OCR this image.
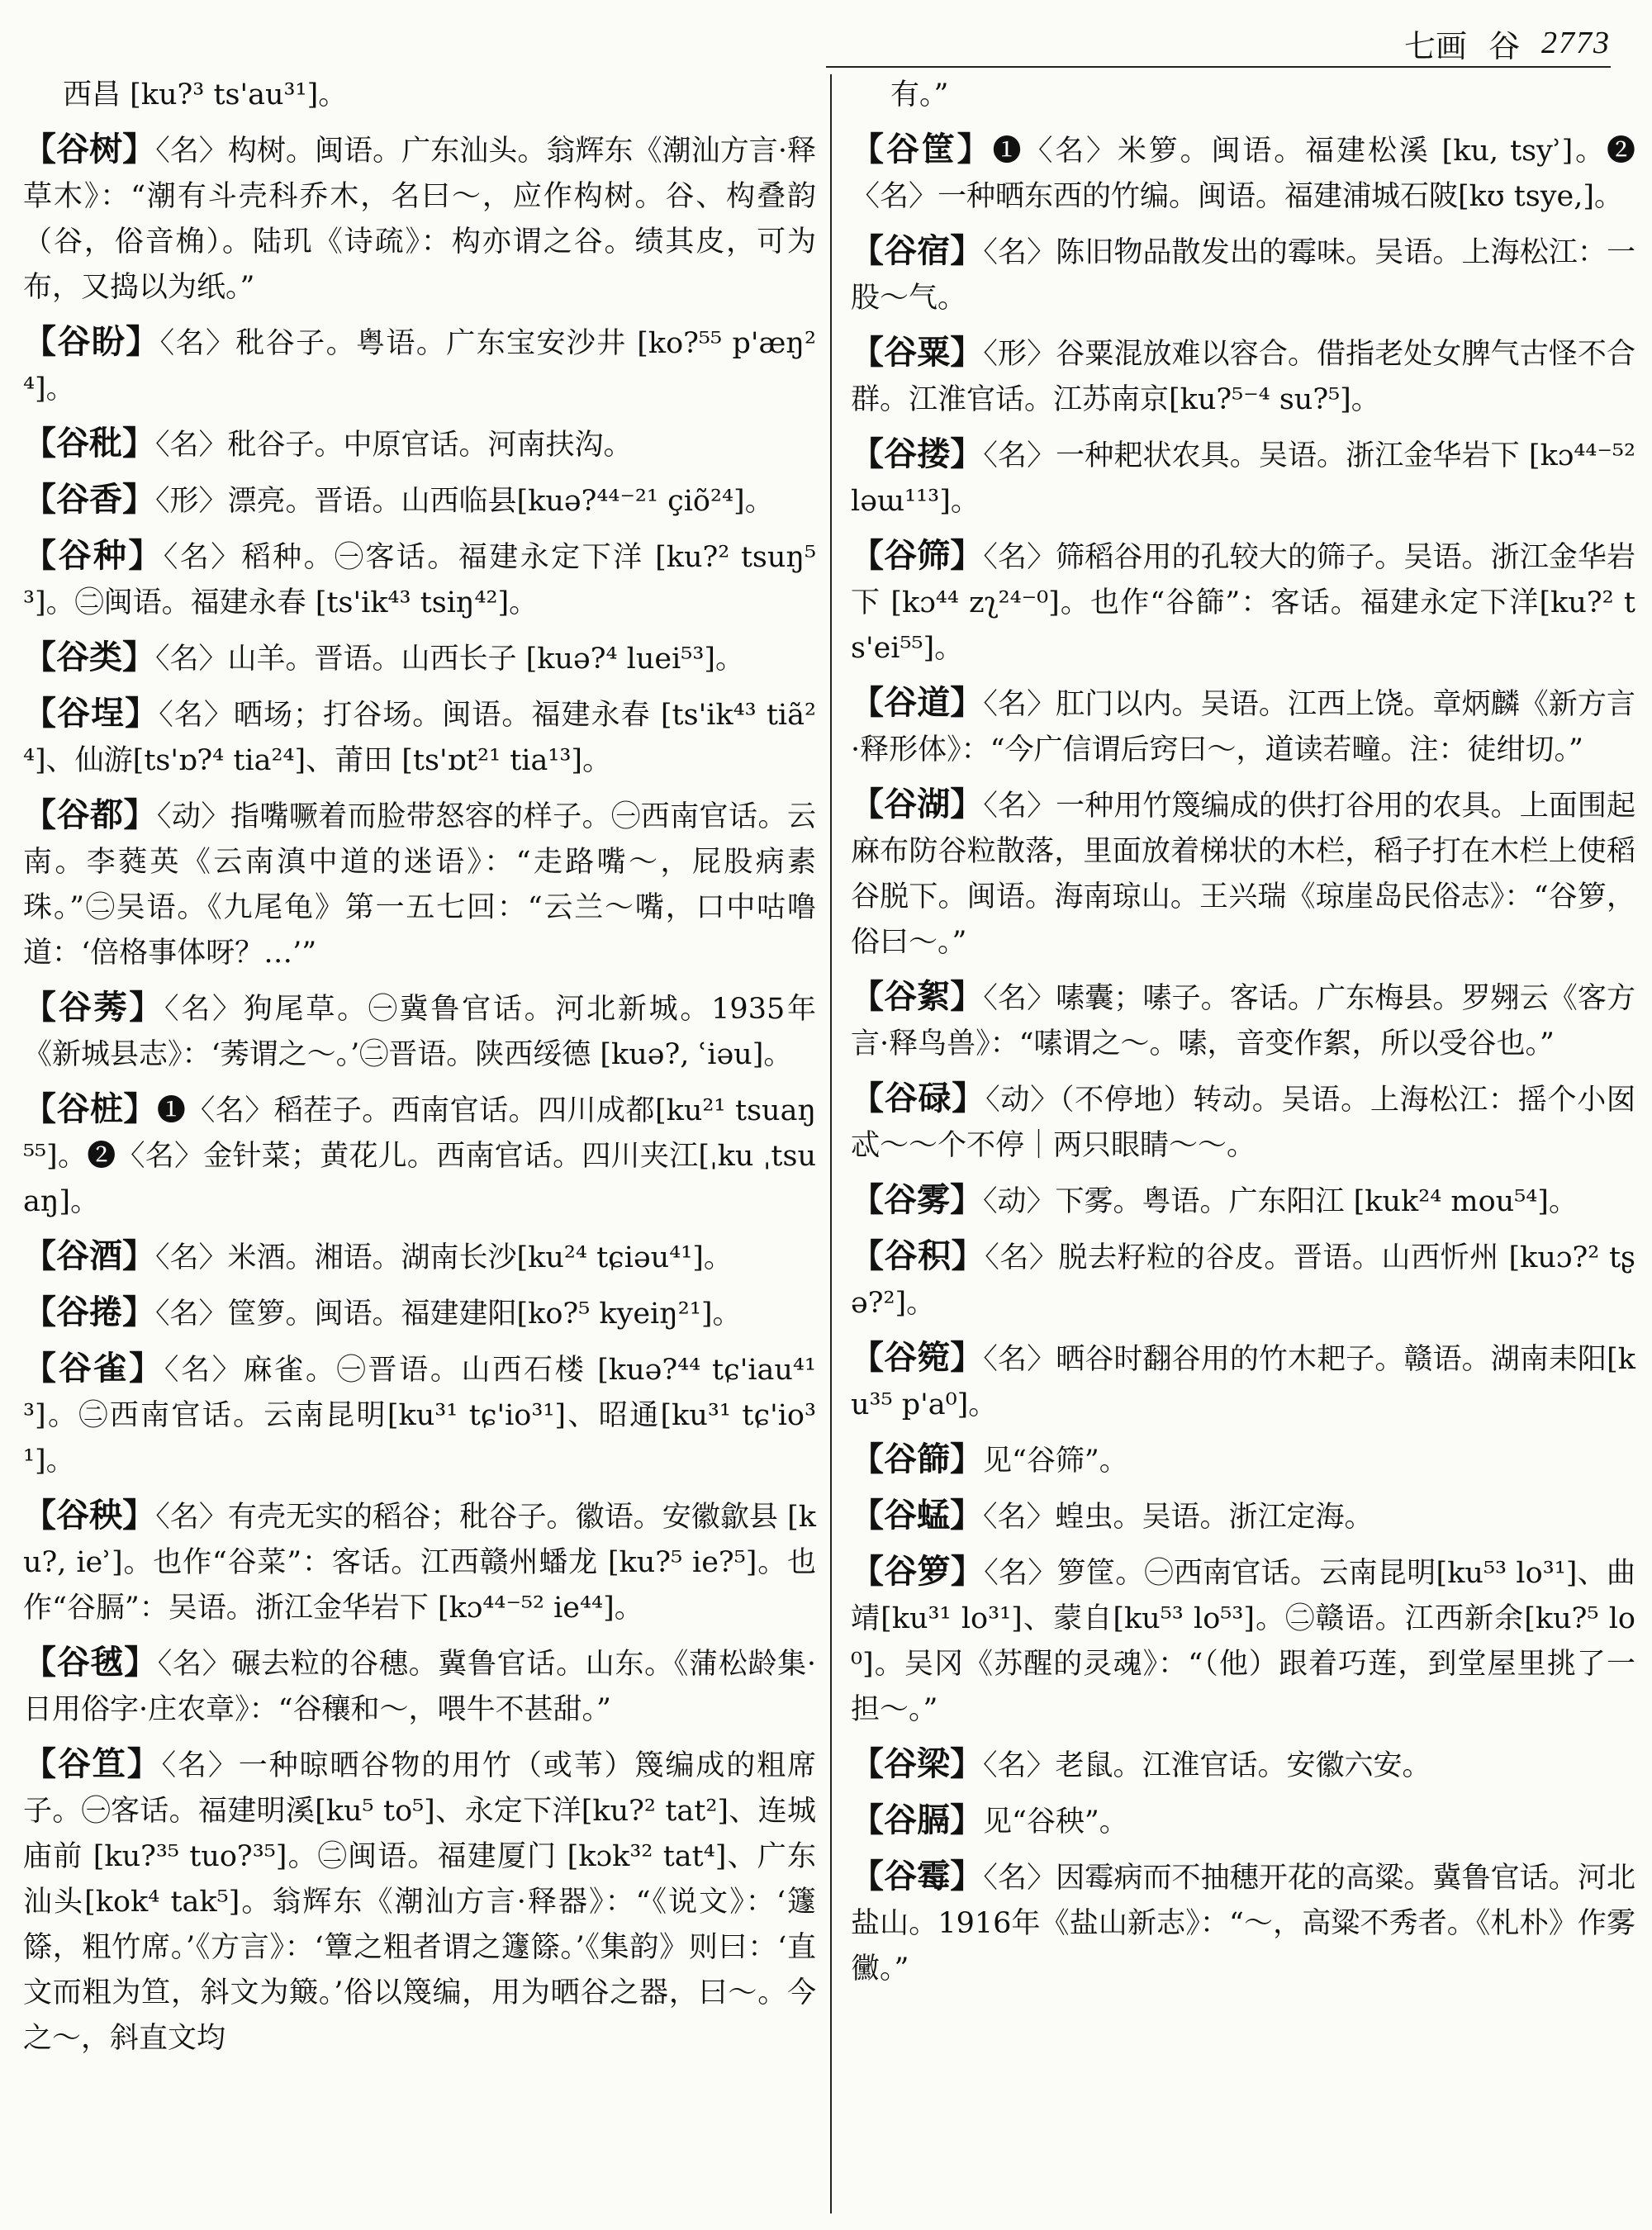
七画 谷 2773
西昌 [ku?³ ts'au³¹]。
【谷树】〈名〉构树。闽语。广东汕头。翁辉东《潮汕方言·释草木》：“潮有斗壳科乔木，名曰～，应作构树。谷、构叠韵（谷，俗音桷）。陆玑《诗疏》：构亦谓之谷。绩其皮，可为布，又捣以为纸。”
【谷盼】〈名〉秕谷子。粤语。广东宝安沙井 [ko?⁵⁵ p'æŋ²⁴]。
【谷秕】〈名〉秕谷子。中原官话。河南扶沟。
【谷香】〈形〉漂亮。晋语。山西临县[kuə?⁴⁴⁻²¹ çiõ²⁴]。
【谷种】〈名〉稻种。㊀客话。福建永定下洋 [ku?² tsuŋ⁵³]。㊁闽语。福建永春 [ts'ik⁴³ tsiŋ⁴²]。
【谷类】〈名〉山羊。晋语。山西长子 [kuə?⁴ luei⁵³]。
【谷埕】〈名〉晒场；打谷场。闽语。福建永春 [ts'ik⁴³ tiã²⁴]、仙游[ts'ɒ?⁴ tia²⁴]、莆田 [ts'ɒt²¹ tia¹³]。
【谷都】〈动〉指嘴噘着而脸带怒容的样子。㊀西南官话。云南。李蕤英《云南滇中道的迷语》：“走路嘴～，屁股病素珠。”㊁吴语。《九尾龟》第一五七回：“云兰～嘴，口中咕噜道：‘倍格事体呀？…’”
【谷莠】〈名〉狗尾草。㊀冀鲁官话。河北新城。1935年《新城县志》：‘莠谓之～。’㊁晋语。陕西绥德 [kuə?, ʿiəu]。
【谷桩】❶〈名〉稻茬子。西南官话。四川成都[ku²¹ tsuaŋ⁵⁵]。❷〈名〉金针菜；黄花儿。西南官话。四川夹江[ˌku ˌtsuaŋ]。
【谷酒】〈名〉米酒。湘语。湖南长沙[ku²⁴ tɕiəu⁴¹]。
【谷捲】〈名〉筐箩。闽语。福建建阳[ko?⁵ kyeiŋ²¹]。
【谷雀】〈名〉麻雀。㊀晋语。山西石楼 [kuə?⁴⁴ tɕ'iau⁴¹³]。㊁西南官话。云南昆明[ku³¹ tɕ'io³¹]、昭通[ku³¹ tɕ'io³¹]。
【谷秧】〈名〉有壳无实的稻谷；秕谷子。徽语。安徽歙县 [ku?, ieʾ]。也作“谷菜”：客话。江西赣州蟠龙 [ku?⁵ ie?⁵]。也作“谷膈”：吴语。浙江金华岩下 [kɔ⁴⁴⁻⁵² ie⁴⁴]。
【谷毧】〈名〉碾去粒的谷穗。冀鲁官话。山东。《蒲松龄集·日用俗字·庄农章》：“谷穰和～，喂牛不甚甜。”
【谷笪】〈名〉一种晾晒谷物的用竹（或苇）篾编成的粗席子。㊀客话。福建明溪[ku⁵ to⁵]、永定下洋[ku?² tat²]、连城庙前 [ku?³⁵ tuo?³⁵]。㊁闽语。福建厦门 [kɔk³² tat⁴]、广东汕头[kok⁴ tak⁵]。翁辉东《潮汕方言·释器》：“《说文》：‘籧篨，粗竹席。’《方言》：‘簟之粗者谓之籧篨。’《集韵》则曰：‘直文而粗为笪，斜文为簸。’俗以篾编，用为晒谷之器，曰～。今之～，斜直文均
有。”
【谷筐】❶〈名〉米箩。闽语。福建松溪 [ku, tsyʾ]。❷〈名〉一种晒东西的竹编。闽语。福建浦城石陂[kʊ tsye,]。
【谷宿】〈名〉陈旧物品散发出的霉味。吴语。上海松江：一股～气。
【谷粟】〈形〉谷粟混放难以容合。借指老处女脾气古怪不合群。江淮官话。江苏南京[ku?⁵⁻⁴ su?⁵]。
【谷搂】〈名〉一种耙状农具。吴语。浙江金华岩下 [kɔ⁴⁴⁻⁵² ləɯ¹¹³]。
【谷筛】〈名〉筛稻谷用的孔较大的筛子。吴语。浙江金华岩下 [kɔ⁴⁴ zʅ²⁴⁻⁰]。也作“谷篩”：客话。福建永定下洋[ku?² ts'ei⁵⁵]。
【谷道】〈名〉肛门以内。吴语。江西上饶。章炳麟《新方言·释形体》：“今广信谓后窍曰～，道读若疃。注：徒绀切。”
【谷湖】〈名〉一种用竹篾编成的供打谷用的农具。上面围起麻布防谷粒散落，里面放着梯状的木栏，稻子打在木栏上使稻谷脱下。闽语。海南琼山。王兴瑞《琼崖岛民俗志》：“谷箩，俗曰～。”
【谷絮】〈名〉嗉囊；嗉子。客话。广东梅县。罗翙云《客方言·释鸟兽》：“嗉谓之～。嗉，音变作絮，所以受谷也。”
【谷碌】〈动〉（不停地）转动。吴语。上海松江：摇个小囡忒～～个不停｜两只眼睛～～。
【谷雾】〈动〉下雾。粤语。广东阳江 [kuk²⁴ mou⁵⁴]。
【谷积】〈名〉脱去籽粒的谷皮。晋语。山西忻州 [kuɔ?² tʂə?²]。
【谷箢】〈名〉晒谷时翻谷用的竹木耙子。赣语。湖南耒阳[ku³⁵ p'a⁰]。
【谷篩】见“谷筛”。
【谷蜢】〈名〉蝗虫。吴语。浙江定海。
【谷箩】〈名〉箩筐。㊀西南官话。云南昆明[ku⁵³ lo³¹]、曲靖[ku³¹ lo³¹]、蒙自[ku⁵³ lo⁵³]。㊁赣语。江西新余[ku?⁵ lo⁰]。吴冈《苏醒的灵魂》：“（他）跟着巧莲，到堂屋里挑了一担～。”
【谷梁】〈名〉老鼠。江淮官话。安徽六安。
【谷膈】见“谷秧”。
【谷霉】〈名〉因霉病而不抽穗开花的高粱。冀鲁官话。河北盐山。1916年《盐山新志》：“～，高粱不秀者。《札朴》作雾黴。”
